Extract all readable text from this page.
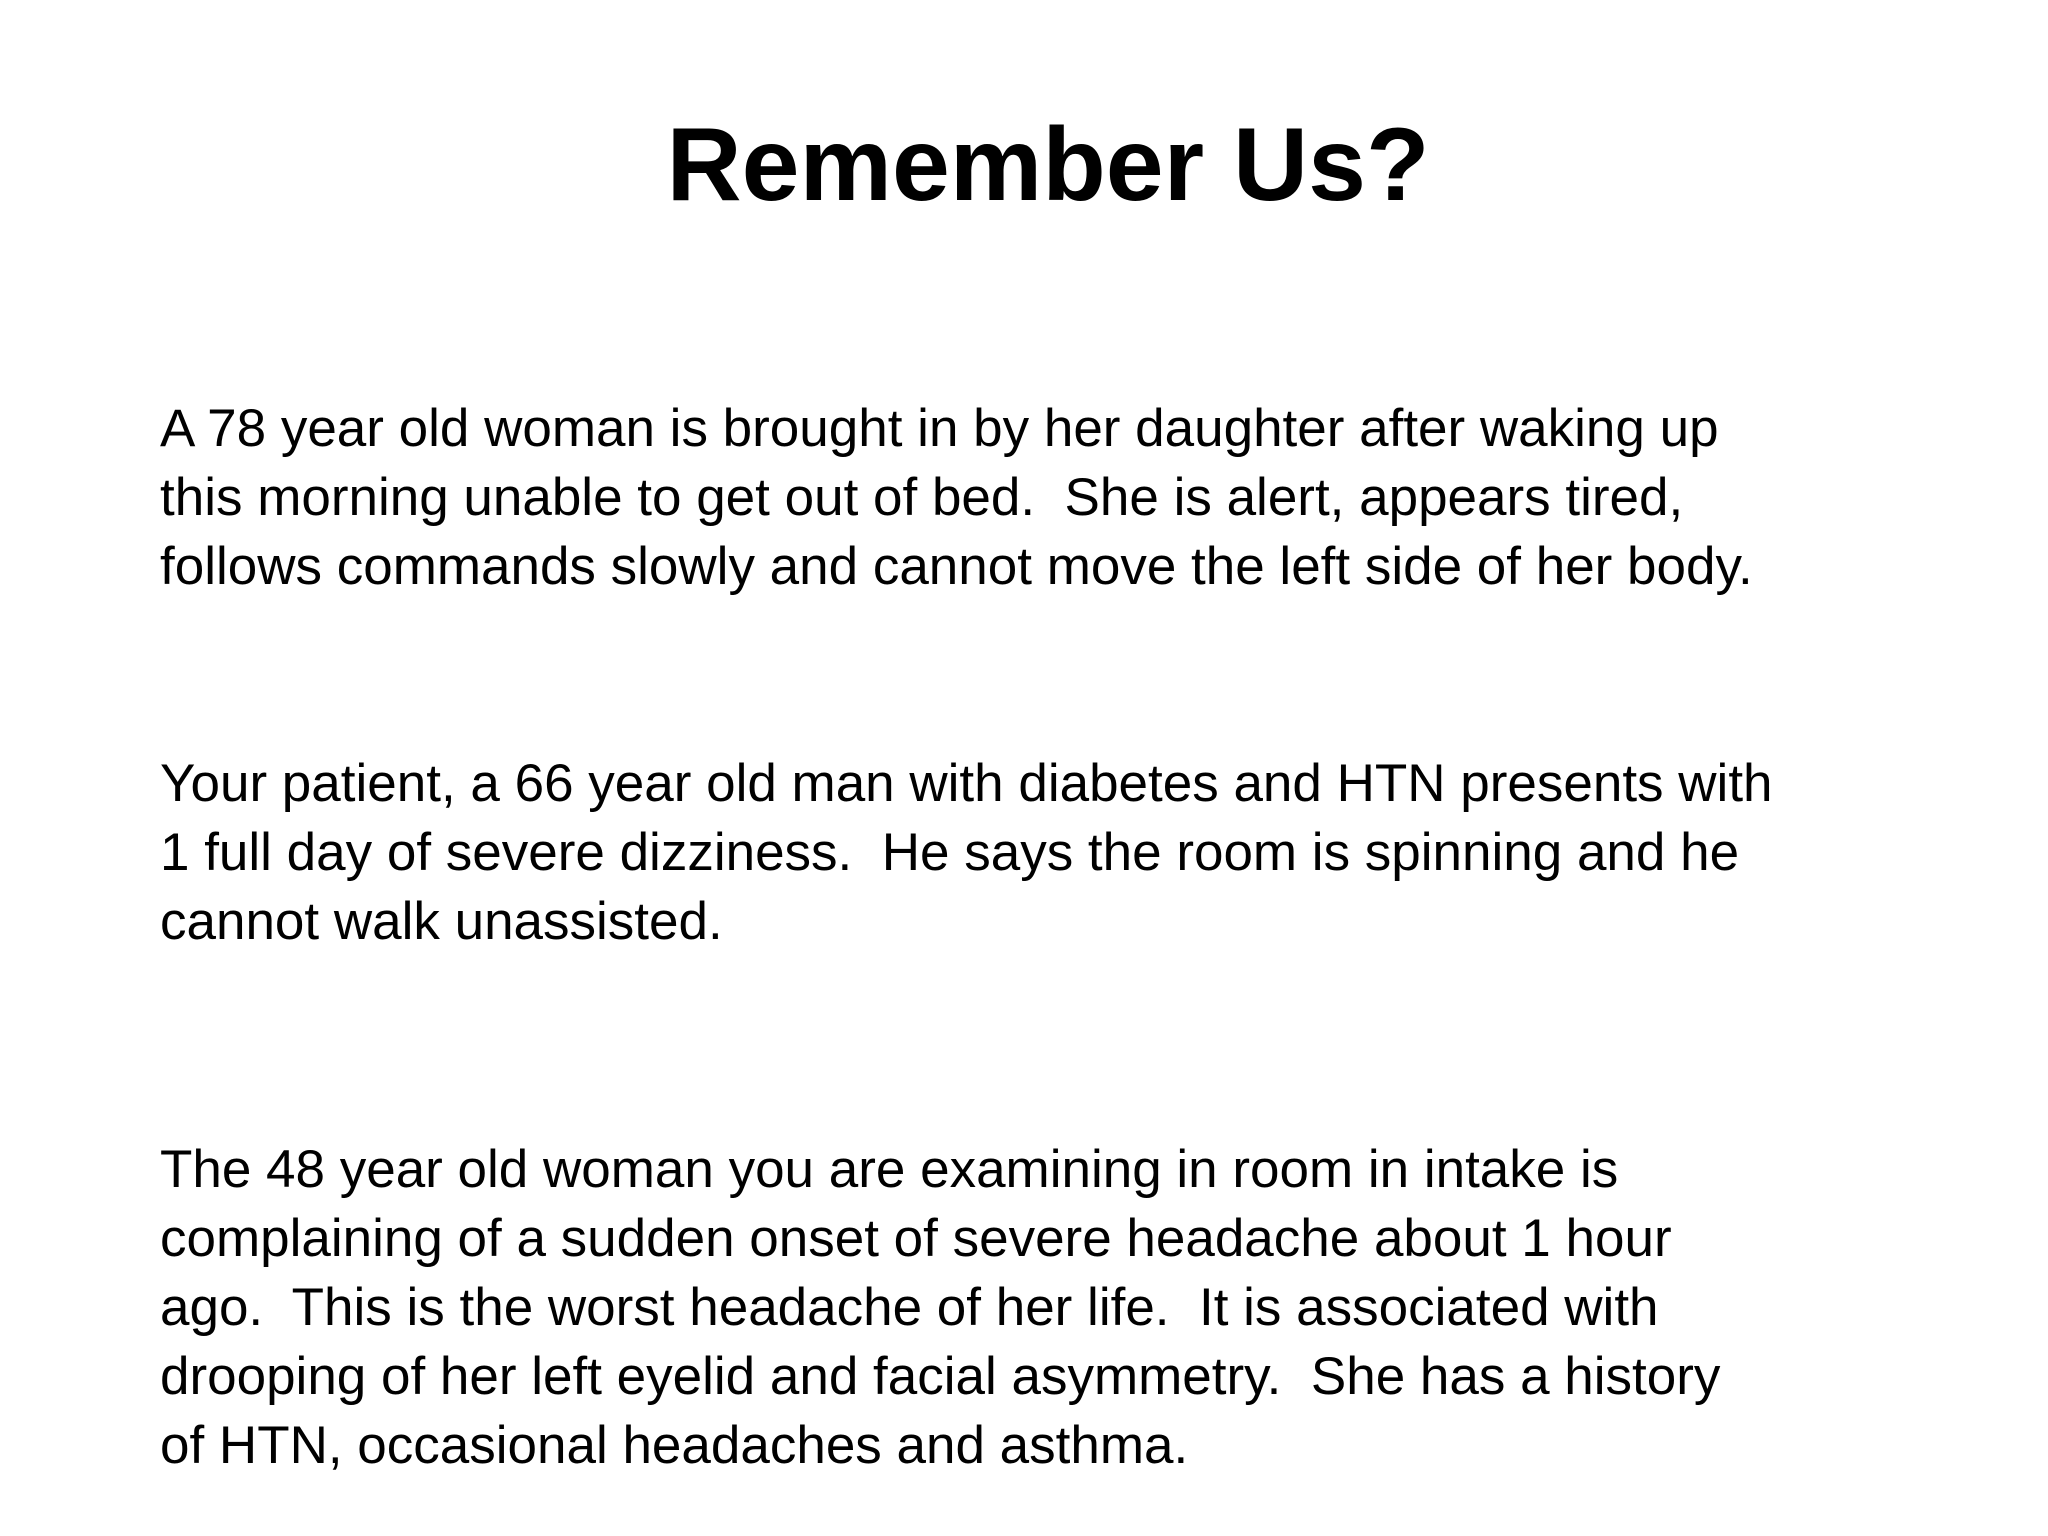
Remember Us?

A 78 year old woman is brought in by her daughter after waking up
this morning unable to get out of bed.  She is alert, appears tired,
follows commands slowly and cannot move the left side of her body.

Your patient, a 66 year old man with diabetes and HTN presents with
1 full day of severe dizziness.  He says the room is spinning and he
cannot walk unassisted.

The 48 year old woman you are examining in room in intake is
complaining of a sudden onset of severe headache about 1 hour
ago.  This is the worst headache of her life.  It is associated with
drooping of her left eyelid and facial asymmetry.  She has a history
of HTN, occasional headaches and asthma.
